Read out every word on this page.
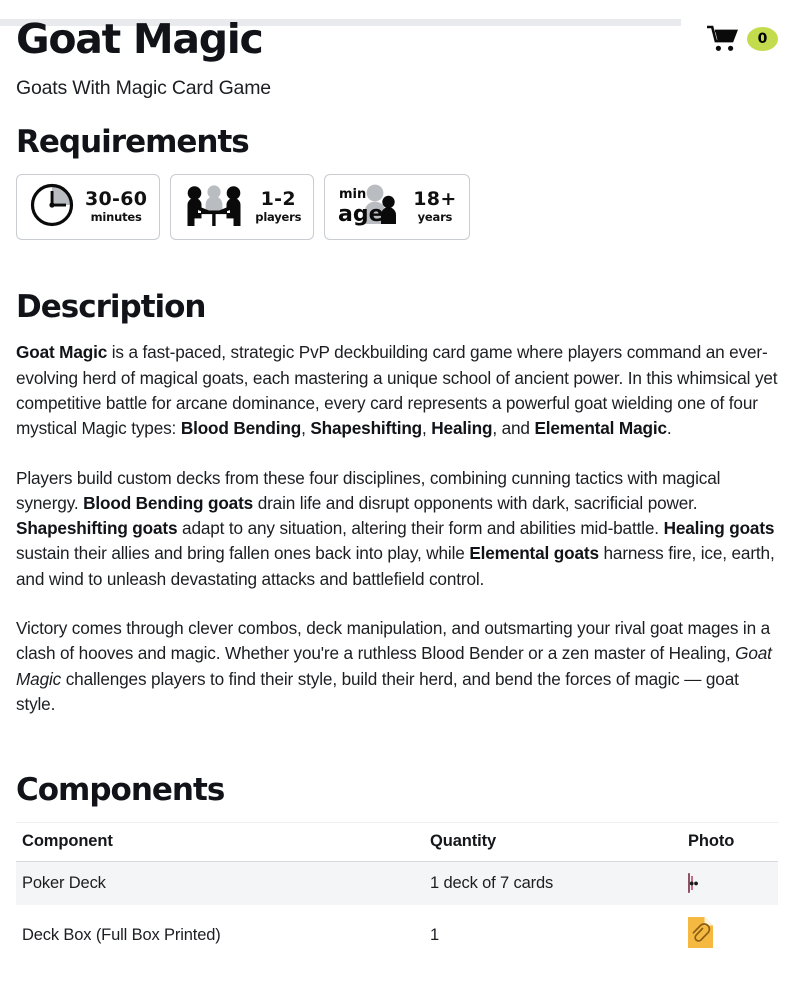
0
Goat Magic
Goats With Magic Card Game
Requirements
30-60
minutes
1-2
players
min
age
18+
years
Description

Goat Magic is a fast-paced, strategic PvP deckbuilding card game where players command an ever-evolving herd of magical goats, each mastering a unique school of ancient power. In this whimsical yet competitive battle for arcane dominance, every card represents a powerful goat wielding one of four mystical Magic types: Blood Bending, Shapeshifting, Healing, and Elemental Magic.

Players build custom decks from these four disciplines, combining cunning tactics with magical synergy. Blood Bending goats drain life and disrupt opponents with dark, sacrificial power. Shapeshifting goats adapt to any situation, altering their form and abilities mid-battle. Healing goats sustain their allies and bring fallen ones back into play, while Elemental goats harness fire, ice, earth, and wind to unleash devastating attacks and battlefield control.

Victory comes through clever combos, deck manipulation, and outsmarting your rival goat mages in a clash of hooves and magic. Whether you're a ruthless Blood Bender or a zen master of Healing, Goat Magic challenges players to find their style, build their herd, and bend the forces of magic — goat style.

Components
Component	Quantity	Photo
Poker Deck	1 deck of 7 cards	

Deck Box (Full Box Printed)	1	
